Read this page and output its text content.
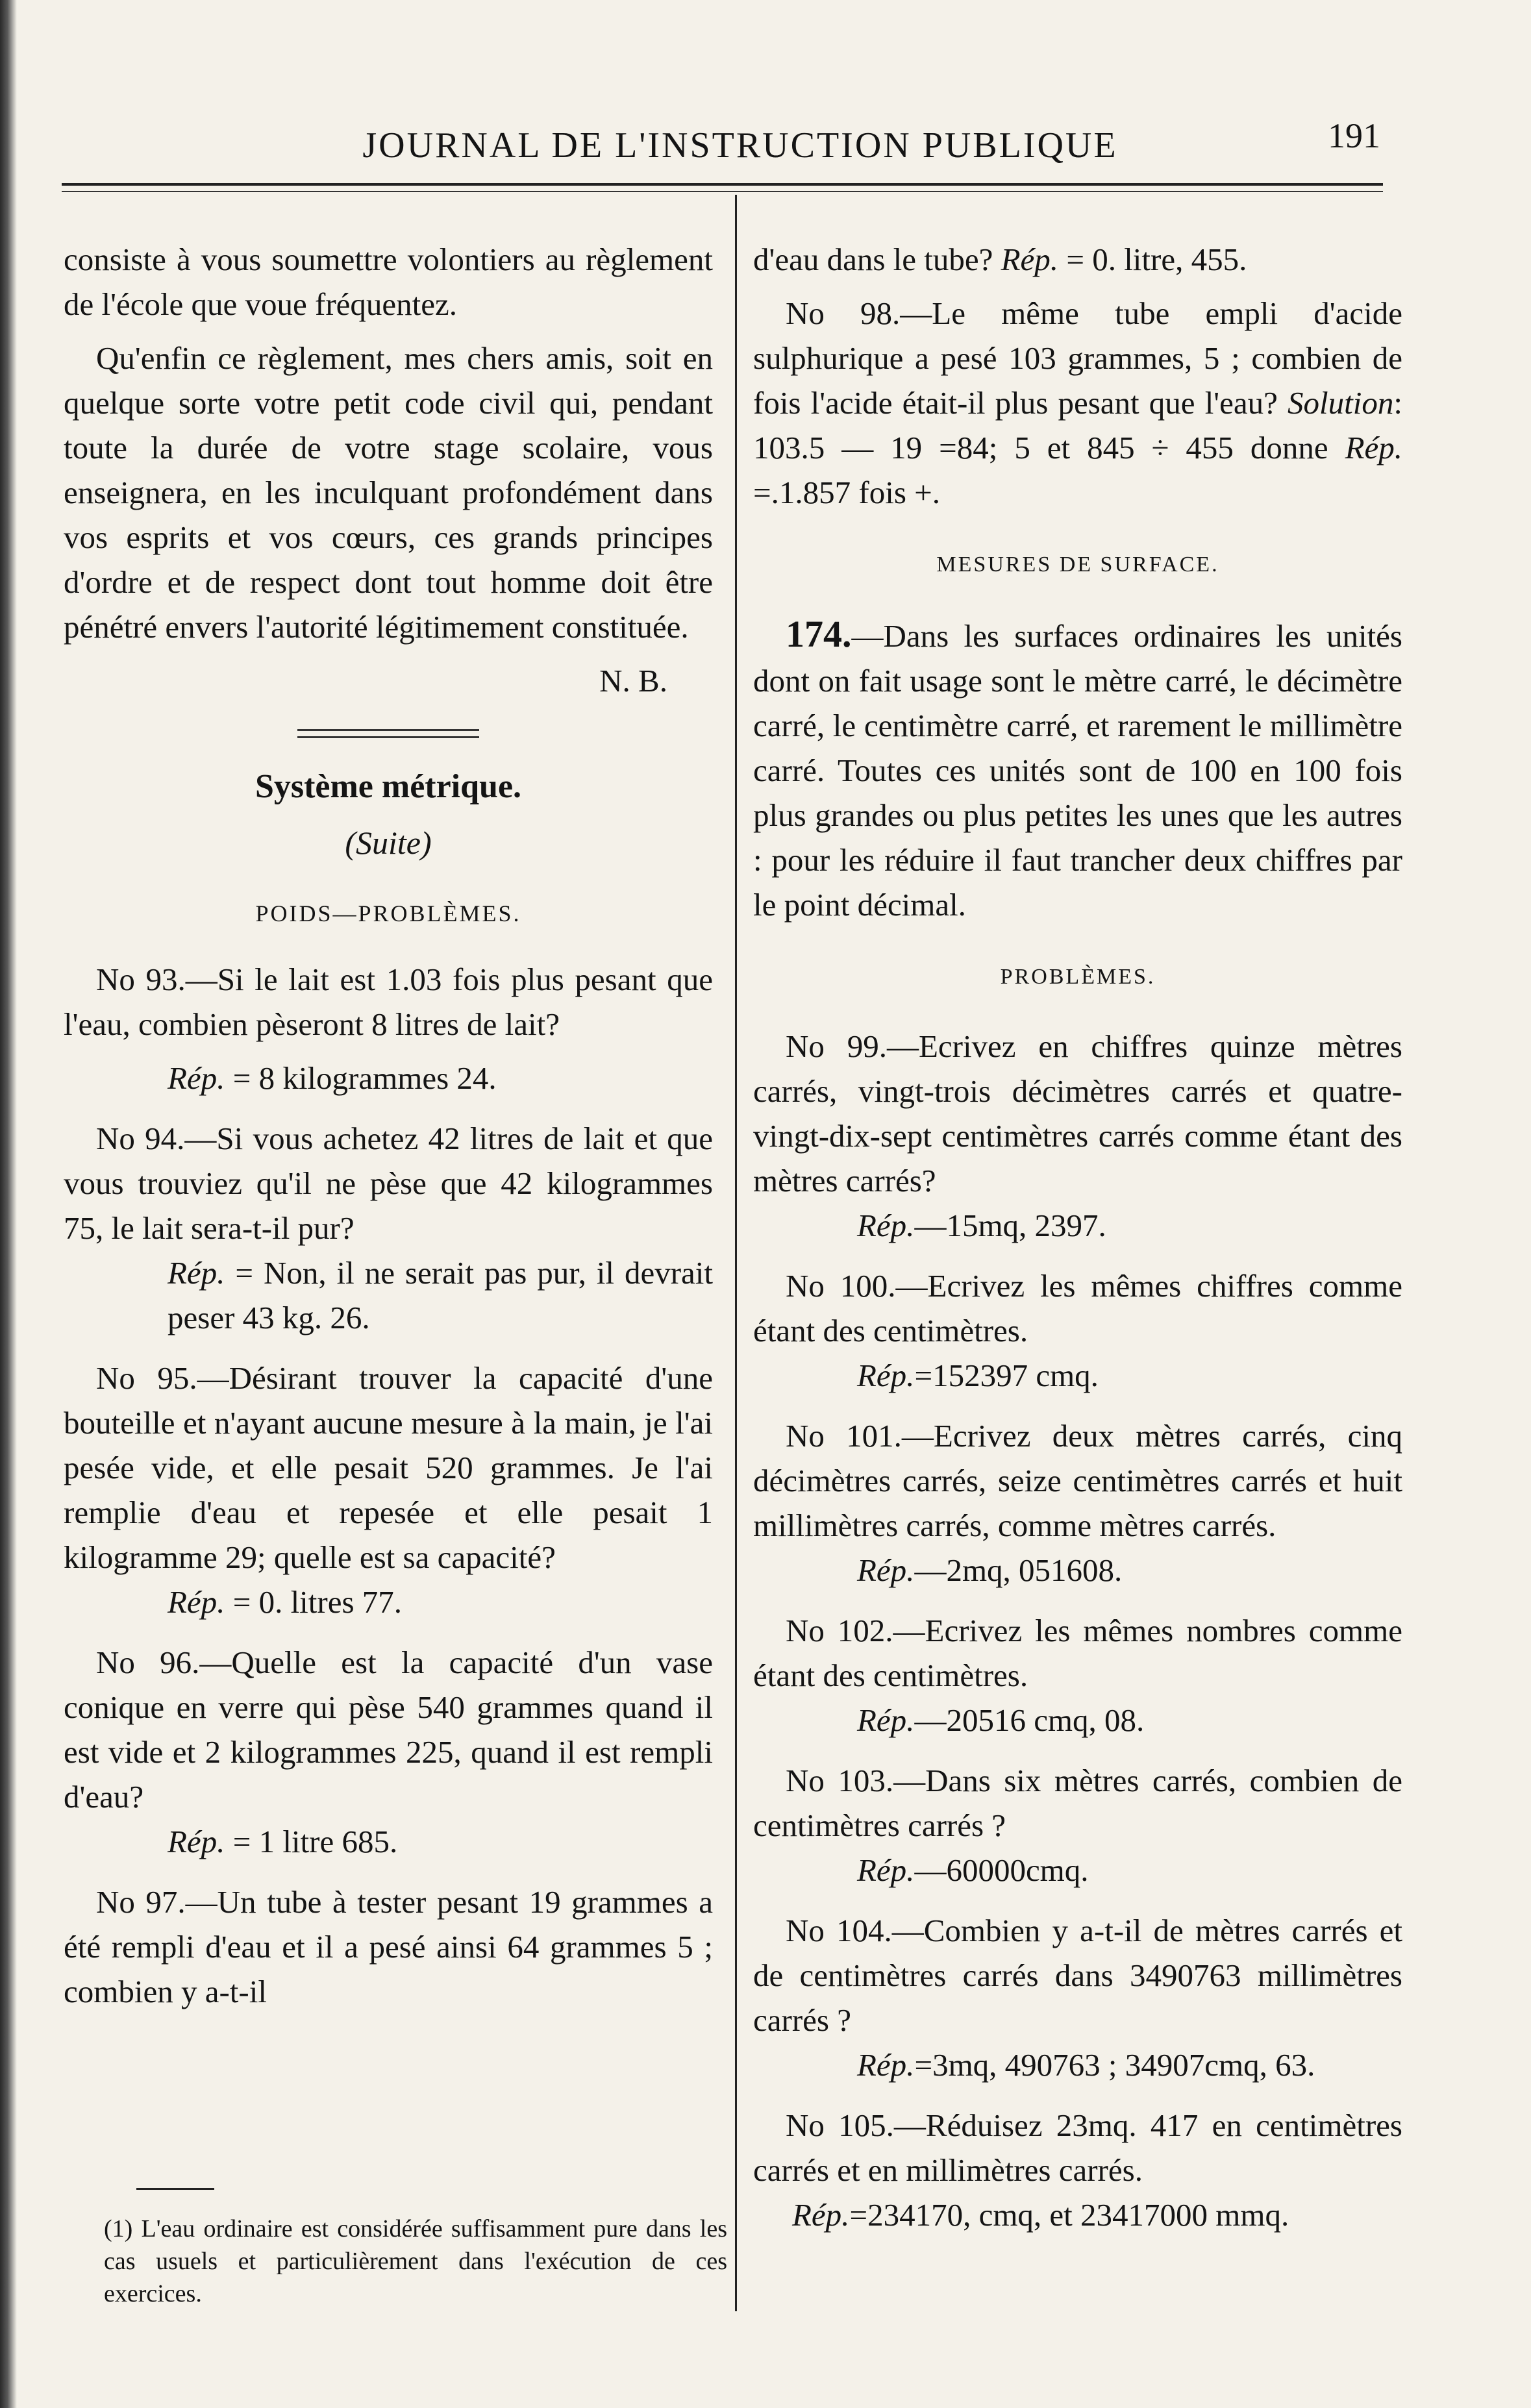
JOURNAL DE L'INSTRUCTION PUBLIQUE	191

consiste à vous soumettre volontiers au règlement de l'école que voue fréquentez.

Qu'enfin ce règlement, mes chers amis, soit en quelque sorte votre petit code civil qui, pendant toute la durée de votre stage scolaire, vous enseignera, en les inculquant profondément dans vos esprits et vos cœurs, ces grands principes d'ordre et de respect dont tout homme doit être pénétré envers l'autorité légitimement constituée.

N. B.
Système métrique.
(Suite)
POIDS—PROBLÈMES.

No 93.—Si le lait est 1.03 fois plus pesant que l'eau, combien pèseront 8 litres de lait?

Rép. = 8 kilogrammes 24.

No 94.—Si vous achetez 42 litres de lait et que vous trouviez qu'il ne pèse que 42 kilogrammes 75, le lait sera-t-il pur?

Rép. = Non, il ne serait pas pur, il devrait peser 43 kg. 26.

No 95.—Désirant trouver la capacité d'une bouteille et n'ayant aucune mesure à la main, je l'ai pesée vide, et elle pesait 520 grammes. Je l'ai remplie d'eau et repesée et elle pesait 1 kilogramme 29; quelle est sa capacité?

Rép. = 0. litres 77.

No 96.—Quelle est la capacité d'un vase conique en verre qui pèse 540 grammes quand il est vide et 2 kilogrammes 225, quand il est rempli d'eau?

Rép. = 1 litre 685.

No 97.—Un tube à tester pesant 19 grammes a été rempli d'eau et il a pesé ainsi 64 grammes 5 ; combien y a-t-il

(1) L'eau ordinaire est considérée suffisamment pure dans les cas usuels et particulièrement dans l'exécution de ces exercices.

d'eau dans le tube? Rép. = 0. litre, 455.

No 98.—Le même tube empli d'acide sulphurique a pesé 103 grammes, 5 ; combien de fois l'acide était-il plus pesant que l'eau? Solution: 103.5 — 19 =84; 5 et 845 ÷ 455 donne Rép. =.1.857 fois +.

MESURES DE SURFACE.

174.—Dans les surfaces ordinaires les unités dont on fait usage sont le mètre carré, le décimètre carré, le centimètre carré, et rarement le millimètre carré. Toutes ces unités sont de 100 en 100 fois plus grandes ou plus petites les unes que les autres : pour les réduire il faut trancher deux chiffres par le point décimal.

PROBLÈMES.

No 99.—Ecrivez en chiffres quinze mètres carrés, vingt-trois décimètres carrés et quatre-vingt-dix-sept centimètres carrés comme étant des mètres carrés?

Rép.—15mq, 2397.

No 100.—Ecrivez les mêmes chiffres comme étant des centimètres.

Rép.=152397 cmq.

No 101.—Ecrivez deux mètres carrés, cinq décimètres carrés, seize centimètres carrés et huit millimètres carrés, comme mètres carrés.

Rép.—2mq, 051608.

No 102.—Ecrivez les mêmes nombres comme étant des centimètres.

Rép.—20516 cmq, 08.

No 103.—Dans six mètres carrés, combien de centimètres carrés ?

Rép.—60000cmq.

No 104.—Combien y a-t-il de mètres carrés et de centimètres carrés dans 3490763 millimètres carrés ?

Rép.=3mq, 490763 ; 34907cmq, 63.

No 105.—Réduisez 23mq. 417 en centimètres carrés et en millimètres carrés.

Rép.=234170, cmq, et 23417000 mmq.
